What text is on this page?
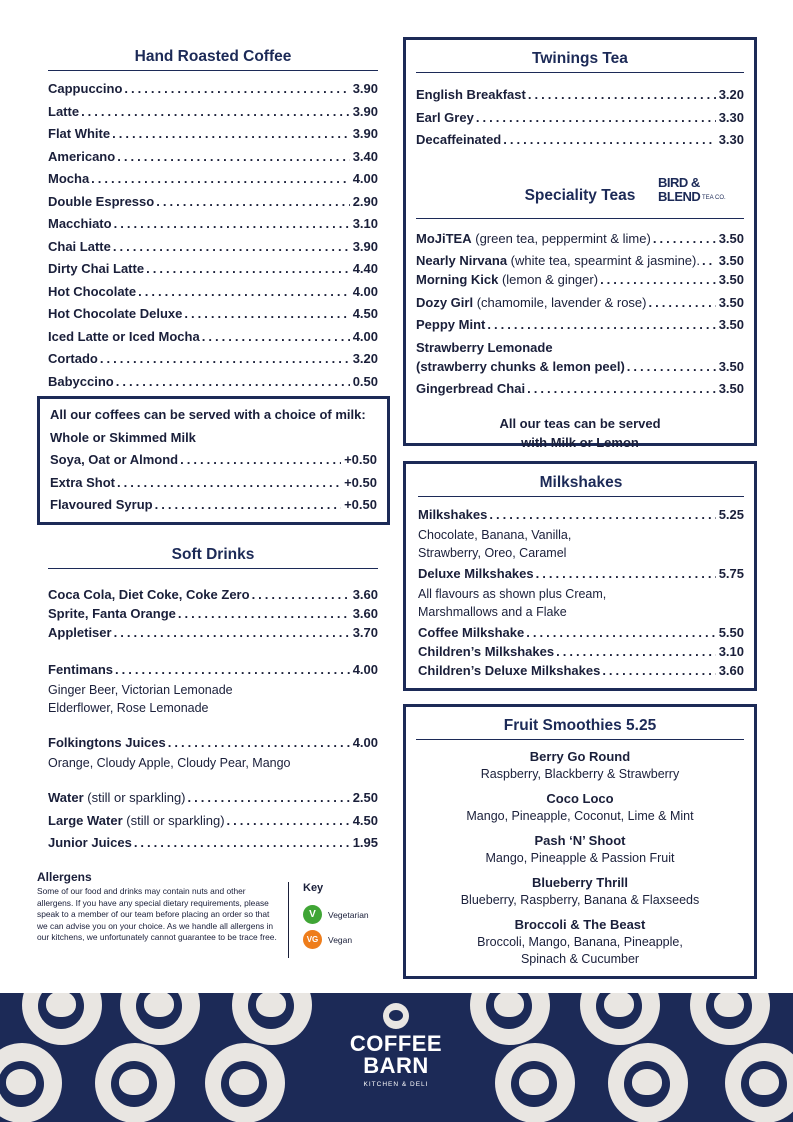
Hand Roasted Coffee
Cappuccino . . .	3.90
Latte . . .	3.90
Flat White . . .	3.90
Americano . . .	3.40
Mocha . . .	4.00
Double Espresso . . .	2.90
Macchiato . . .	3.10
Chai Latte . . .	3.90
Dirty Chai Latte . . .	4.40
Hot Chocolate . . .	4.00
Hot Chocolate Deluxe . . .	4.50
Iced Latte or Iced Mocha . . .	4.00
Cortado . . .	3.20
Babyccino . . .	0.50
All our coffees can be served with a choice of milk:
Whole or Skimmed Milk
Soya, Oat or Almond . . .	+0.50
Extra Shot . . .	+0.50
Flavoured Syrup . . .	+0.50
Soft Drinks
Coca Cola, Diet Coke, Coke Zero . . .	3.60
Sprite, Fanta Orange . . .	3.60
Appletiser . . .	3.70
Fentimans . . .	4.00
Ginger Beer, Victorian Lemonade
Elderflower, Rose Lemonade
Folkingtons Juices . . .	4.00
Orange, Cloudy Apple, Cloudy Pear, Mango
Water (still or sparkling) . . .	2.50
Large Water (still or sparkling) . . .	4.50
Junior Juices . . .	1.95
Allergens
Some of our food and drinks may contain nuts and other allergens. If you have any special dietary requirements, please speak to a member of our team before placing an order so that we can advise you on your choice. As we handle all allergens in our kitchens, we unfortunately cannot guarantee to be trace free.
Key
V	Vegetarian
VG	Vegan
Twinings Tea
English Breakfast . . .	3.20
Earl Grey . . .	3.30
Decaffeinated . . .	3.30
Speciality Teas
BIRD &
BLEND TEA CO.
MoJiTEA (green tea, peppermint & lime) . . .	3.50
Nearly Nirvana (white tea, spearmint & jasmine). . . . 3.50
Morning Kick (lemon & ginger) . . .	3.50
Dozy Girl (chamomile, lavender & rose) . . .	3.50
Peppy Mint . . .	3.50
Strawberry Lemonade
(strawberry chunks & lemon peel) . . .	3.50
Gingerbread Chai . . .	3.50
All our teas can be served
with Milk or Lemon
Milkshakes
Milkshakes . . .	5.25
Chocolate, Banana, Vanilla,
Strawberry, Oreo, Caramel
Deluxe Milkshakes . . .	5.75
All flavours as shown plus Cream,
Marshmallows and a Flake
Coffee Milkshake . . .	5.50
Children’s Milkshakes . . .	3.10
Children’s Deluxe Milkshakes . . .	3.60
Fruit Smoothies 5.25
Berry Go Round
Raspberry, Blackberry & Strawberry
Coco Loco
Mango, Pineapple, Coconut, Lime & Mint
Pash ‘N’ Shoot
Mango, Pineapple & Passion Fruit
Blueberry Thrill
Blueberry, Raspberry, Banana & Flaxseeds
Broccoli & The Beast
Broccoli, Mango, Banana, Pineapple,
Spinach & Cucumber
COFFEE
BARN
KITCHEN & DELI
